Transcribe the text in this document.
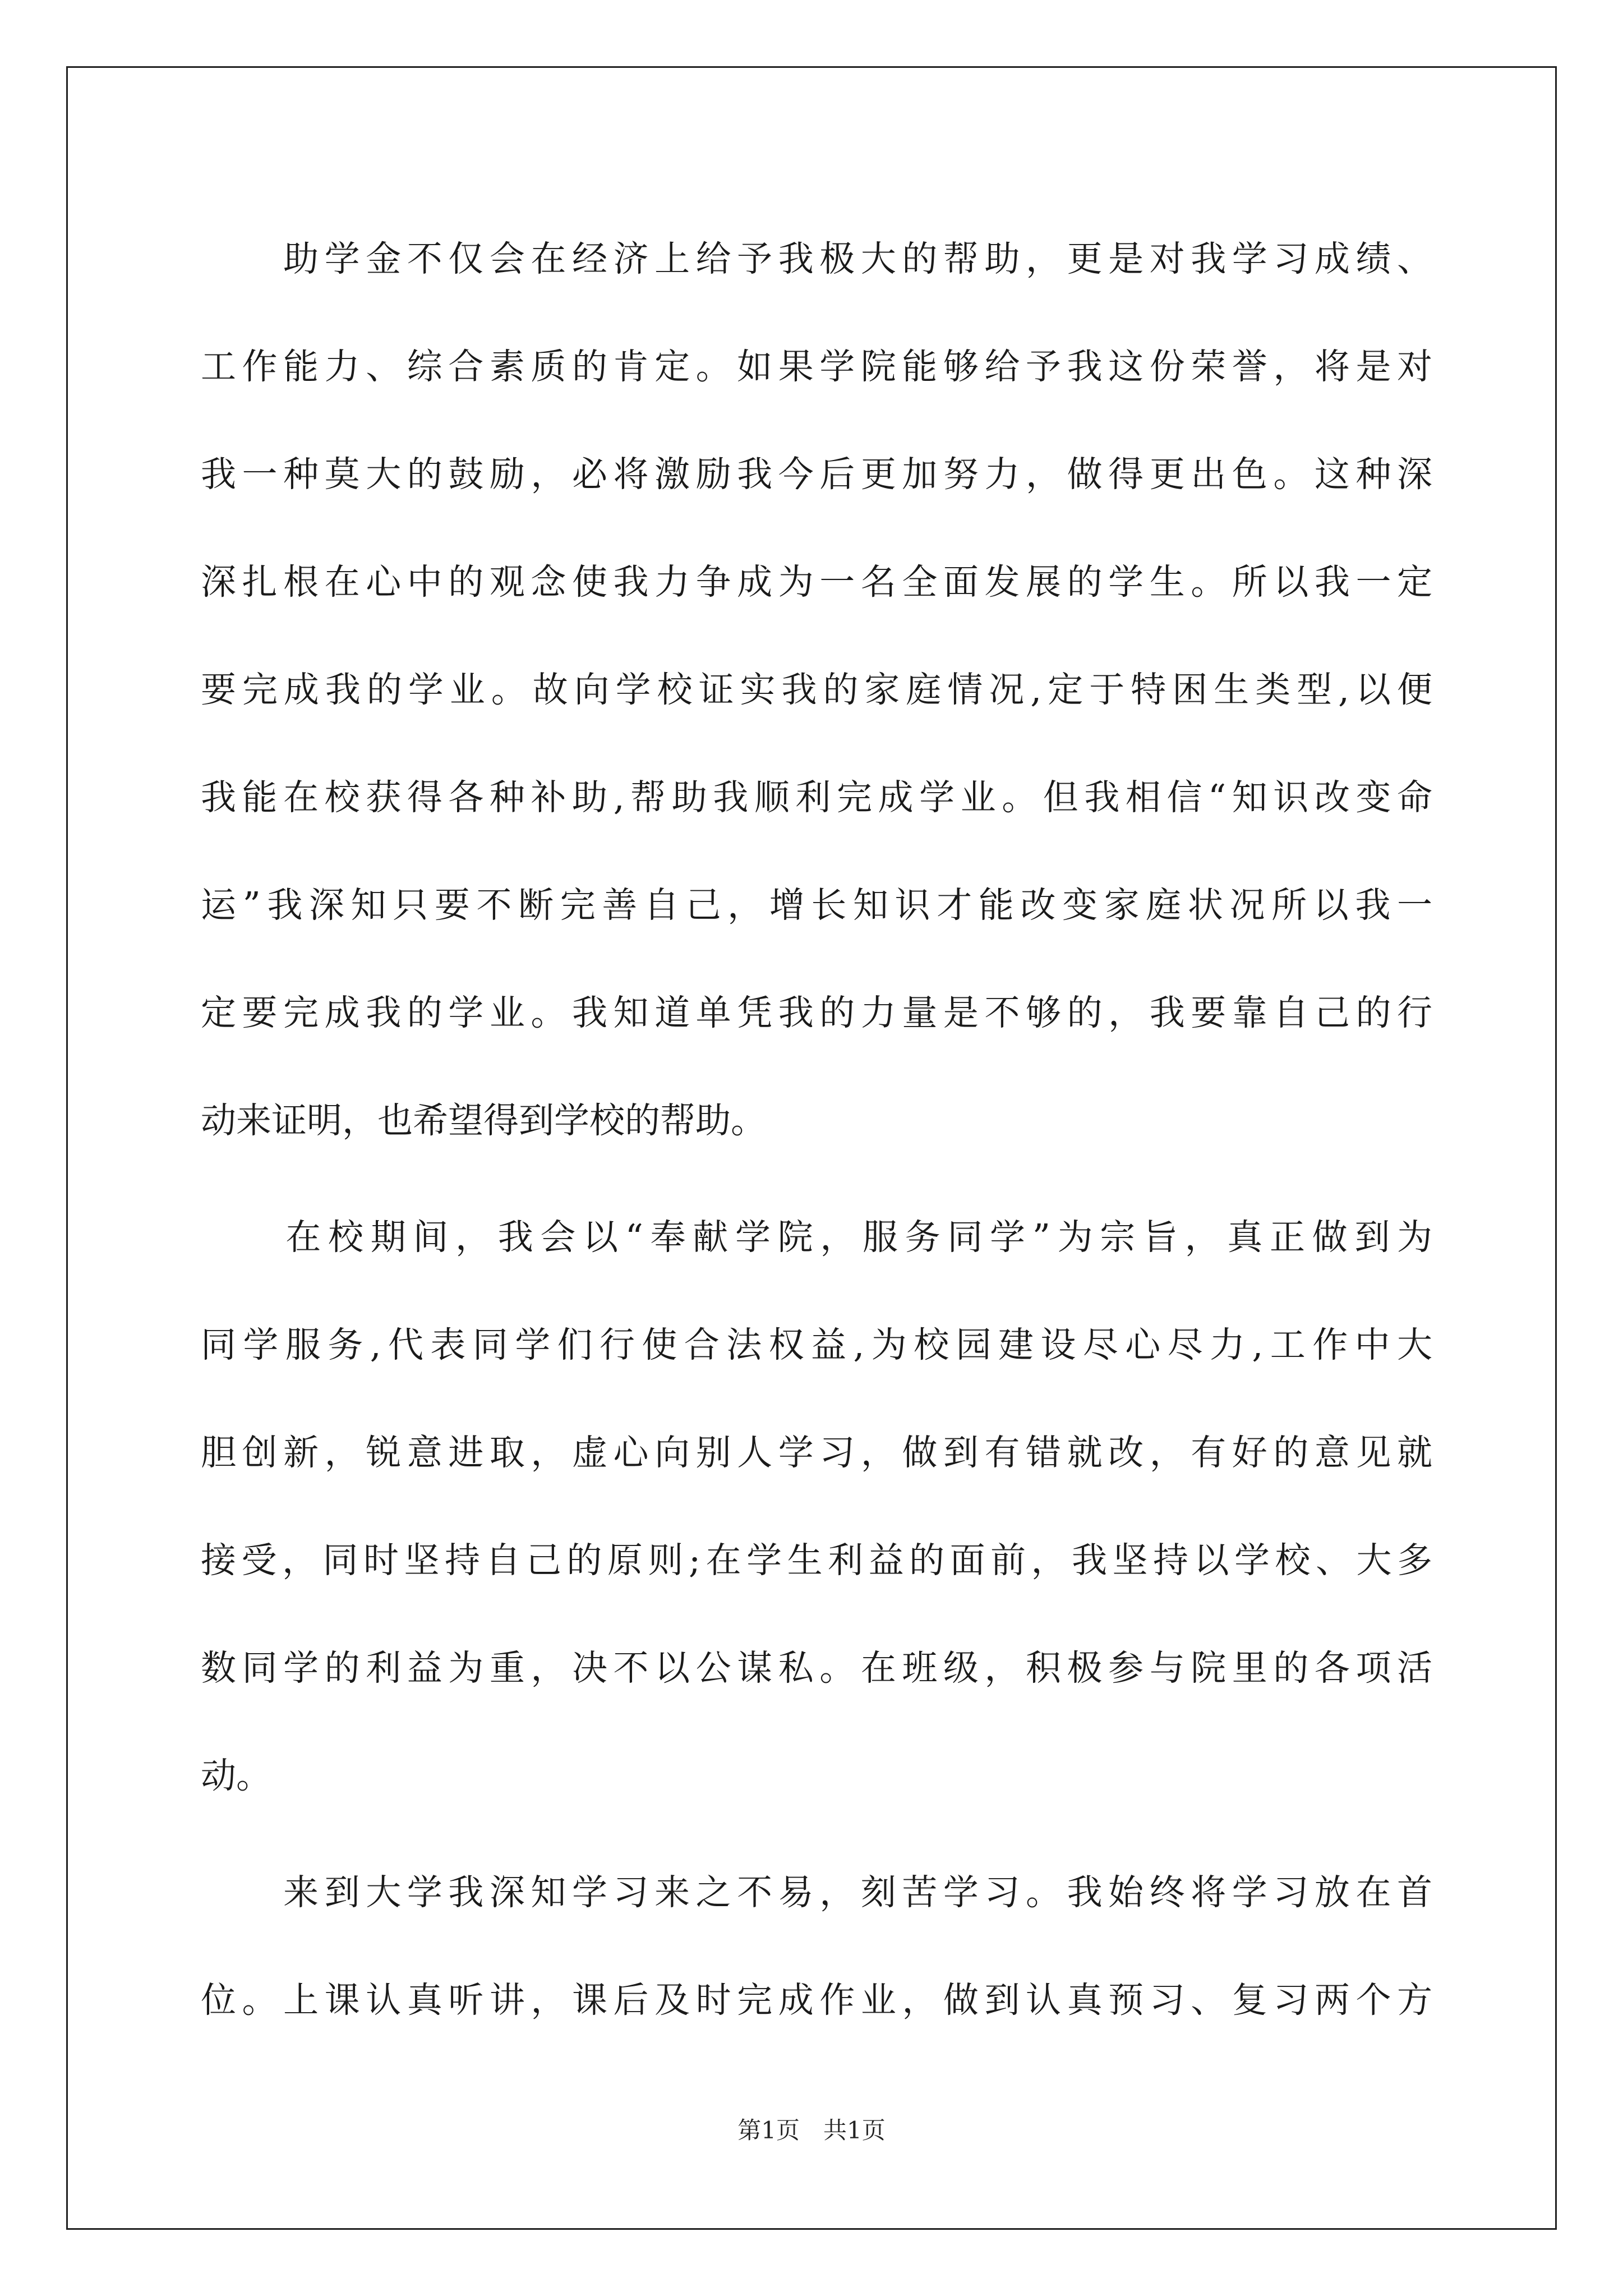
　　助学金不仅会在经济上给予我极大的帮助，更是对我学习成绩、
工作能力、综合素质的肯定。如果学院能够给予我这份荣誉，将是对
我一种莫大的鼓励，必将激励我今后更加努力，做得更出色。这种深
深扎根在心中的观念使我力争成为一名全面发展的学生。所以我一定
要完成我的学业。故向学校证实我的家庭情况,定于特困生类型,以便
我能在校获得各种补助,帮助我顺利完成学业。但我相信“知识改变命
运”我深知只要不断完善自己，增长知识才能改变家庭状况所以我一
定要完成我的学业。我知道单凭我的力量是不够的，我要靠自己的行
动来证明，也希望得到学校的帮助。
　　在校期间，我会以“奉献学院，服务同学”为宗旨，真正做到为
同学服务,代表同学们行使合法权益,为校园建设尽心尽力,工作中大
胆创新，锐意进取，虚心向别人学习，做到有错就改，有好的意见就
接受，同时坚持自己的原则;在学生利益的面前，我坚持以学校、大多
数同学的利益为重，决不以公谋私。在班级，积极参与院里的各项活
动。
　　来到大学我深知学习来之不易，刻苦学习。我始终将学习放在首
位。上课认真听讲，课后及时完成作业，做到认真预习、复习两个方
第1页　共1页
